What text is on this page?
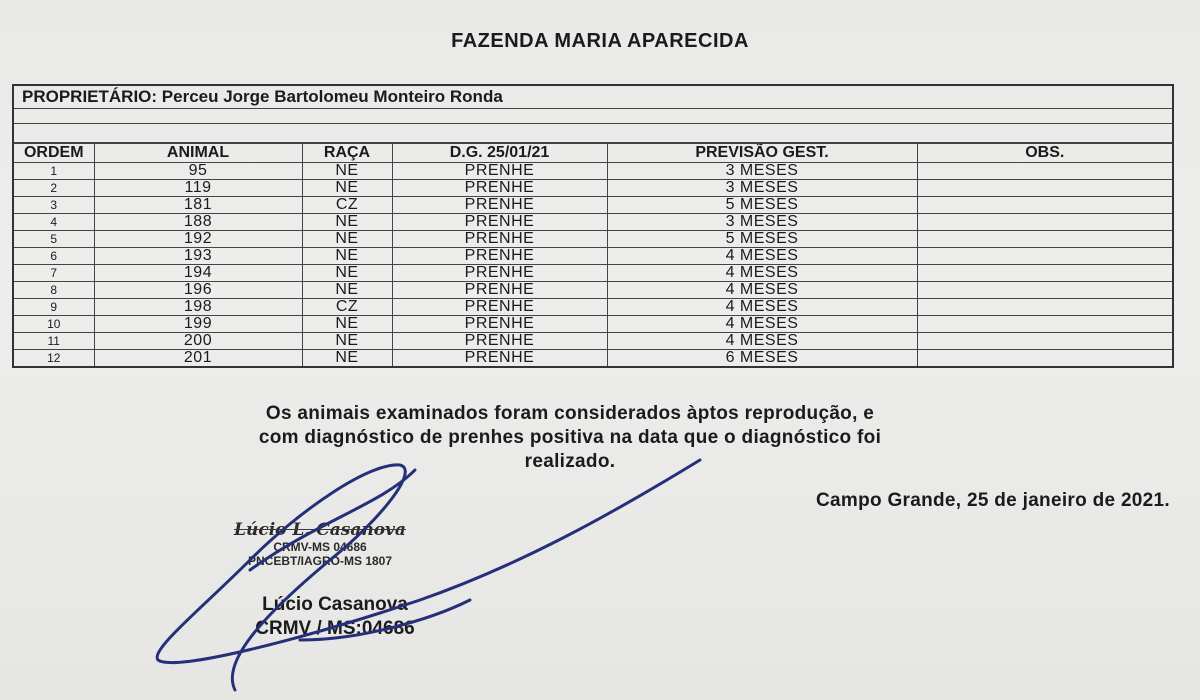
FAZENDA MARIA APARECIDA
PROPRIETÁRIO: Perceu Jorge Bartolomeu Monteiro Ronda
ORDEM	ANIMAL	RAÇA	D.G. 25/01/21	PREVISÃO GEST.	OBS.
1	95	NE	PRENHE	3 MESES	
2	119	NE	PRENHE	3 MESES	
3	181	CZ	PRENHE	5 MESES	
4	188	NE	PRENHE	3 MESES	
5	192	NE	PRENHE	5 MESES	
6	193	NE	PRENHE	4 MESES	
7	194	NE	PRENHE	4 MESES	
8	196	NE	PRENHE	4 MESES	
9	198	CZ	PRENHE	4 MESES	
10	199	NE	PRENHE	4 MESES	
11	200	NE	PRENHE	4 MESES	
12	201	NE	PRENHE	6 MESES	
Os animais examinados foram considerados àptos reprodução, e
com diagnóstico de prenhes positiva na data que o diagnóstico foi
realizado.
Campo Grande, 25 de janeiro de 2021.
Lúcio L. Casanova
CRMV-MS 04686
PNCEBT/IAGRO-MS 1807
Lúcio Casanova
CRMV / MS:04686
